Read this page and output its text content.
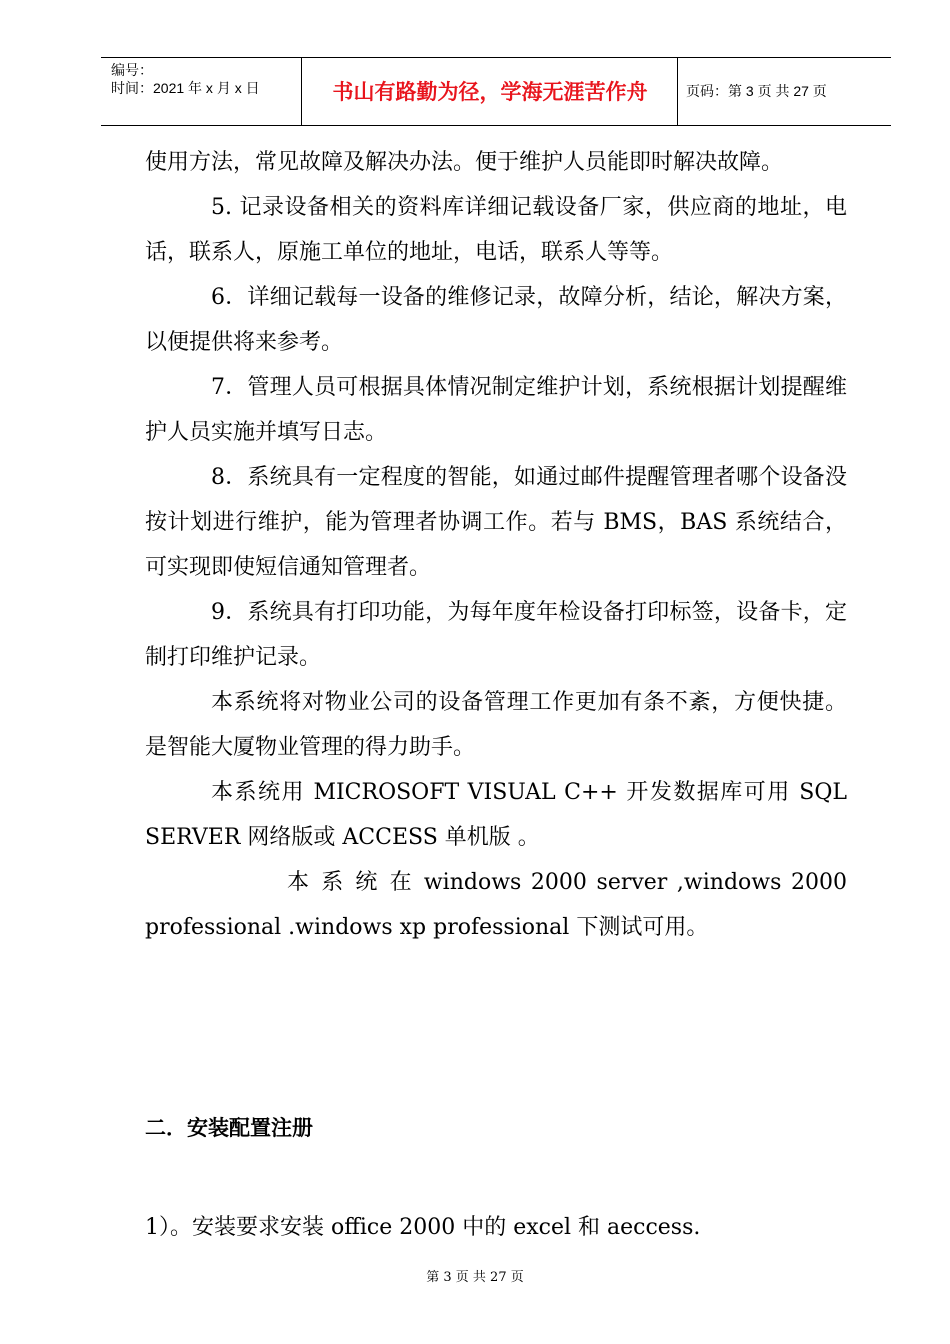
编号：
时间：2021 年 x 月 x 日	书山有路勤为径，学海无涯苦作舟	页码：第 3 页 共 27 页

使用方法，常见故障及解决办法。便于维护人员能即时解决故障。

5. 记录设备相关的资料库详细记载设备厂家，供应商的地址，电话，联系人，原施工单位的地址，电话，联系人等等。

6．详细记载每一设备的维修记录，故障分析，结论，解决方案，以便提供将来参考。

7．管理人员可根据具体情况制定维护计划，系统根据计划提醒维护人员实施并填写日志。

8．系统具有一定程度的智能，如通过邮件提醒管理者哪个设备没按计划进行维护，能为管理者协调工作。若与 BMS，BAS 系统结合，可实现即使短信通知管理者。

9．系统具有打印功能，为每年度年检设备打印标签，设备卡，定制打印维护记录。

本系统将对物业公司的设备管理工作更加有条不紊，方便快捷。是智能大厦物业管理的得力助手。

本系统用 MICROSOFT VISUAL C++ 开发数据库可用 SQL SERVER 网络版或 ACCESS 单机版 。

本 系 统 在 windows 2000 server ,windows 2000 professional .windows xp professional 下测试可用。

二．安装配置注册
1）。安装要求安装 office 2000 中的 excel 和 aeccess.
第 3 页 共 27 页
